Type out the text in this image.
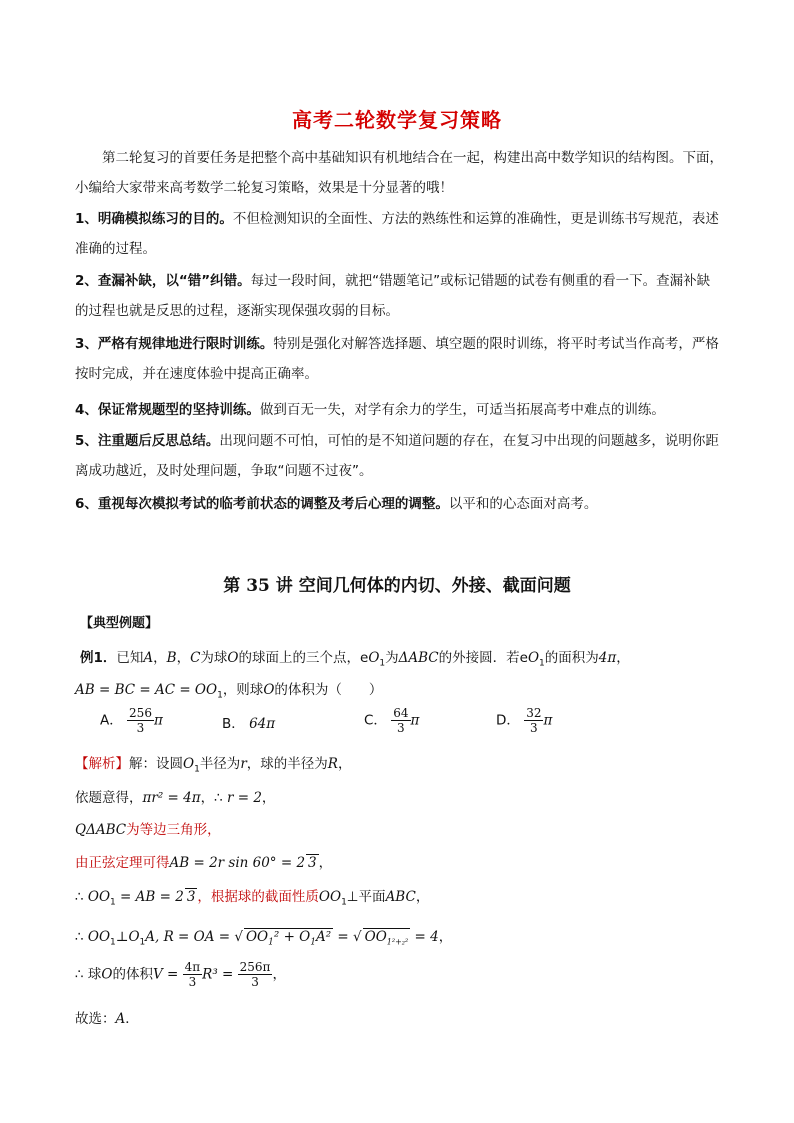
高考二轮数学复习策略
第二轮复习的首要任务是把整个高中基础知识有机地结合在一起，构建出高中数学知识的结构图。下面，小编给大家带来高考数学二轮复习策略，效果是十分显著的哦！
1、明确模拟练习的目的。不但检测知识的全面性、方法的熟练性和运算的准确性，更是训练书写规范，表述准确的过程。
2、查漏补缺，以“错”纠错。每过一段时间，就把“错题笔记”或标记错题的试卷有侧重的看一下。查漏补缺的过程也就是反思的过程，逐渐实现保强攻弱的目标。
3、严格有规律地进行限时训练。特别是强化对解答选择题、填空题的限时训练，将平时考试当作高考，严格按时完成，并在速度体验中提高正确率。
4、保证常规题型的坚持训练。做到百无一失，对学有余力的学生，可适当拓展高考中难点的训练。
5、注重题后反思总结。出现问题不可怕，可怕的是不知道问题的存在，在复习中出现的问题越多，说明你距离成功越近，及时处理问题，争取“问题不过夜”。
6、重视每次模拟考试的临考前状态的调整及考后心理的调整。以平和的心态面对高考。
第 35 讲 空间几何体的内切、外接、截面问题
【典型例题】
例1．已知A，B，C为球O的球面上的三个点，$eO_1$为ΔABC的外接圆．若$eO_1$的面积为4π，
AB = BC = AC = $OO_1$，则球O的体积为（　　）
A． $\frac{256}{3}$ π	B． 64π	C． $\frac{64}{3}$ π	D． $\frac{32}{3}$ π
【解析】解：设圆$O_1$半径为r，球的半径为R，
依题意得，πr² = 4π，∴ r = 2，
QΔABC为等边三角形，
由正弦定理可得AB = 2r sin 60° = 2 3 ，
∴ $OO_1$ = AB = 2 3 ，根据球的截面性质$OO_1\perp$平面ABC，
∴ $OO_1\perp O_1A$, R = OA = √ $OO_1^2 + O_1A^2$ = √ $OO_{1^2+_2^2} = 4$，
∴ 球O的体积$V = \frac{4\pi}{3} R^3 = \frac{256\pi}{3}$ ，
故选：A．
